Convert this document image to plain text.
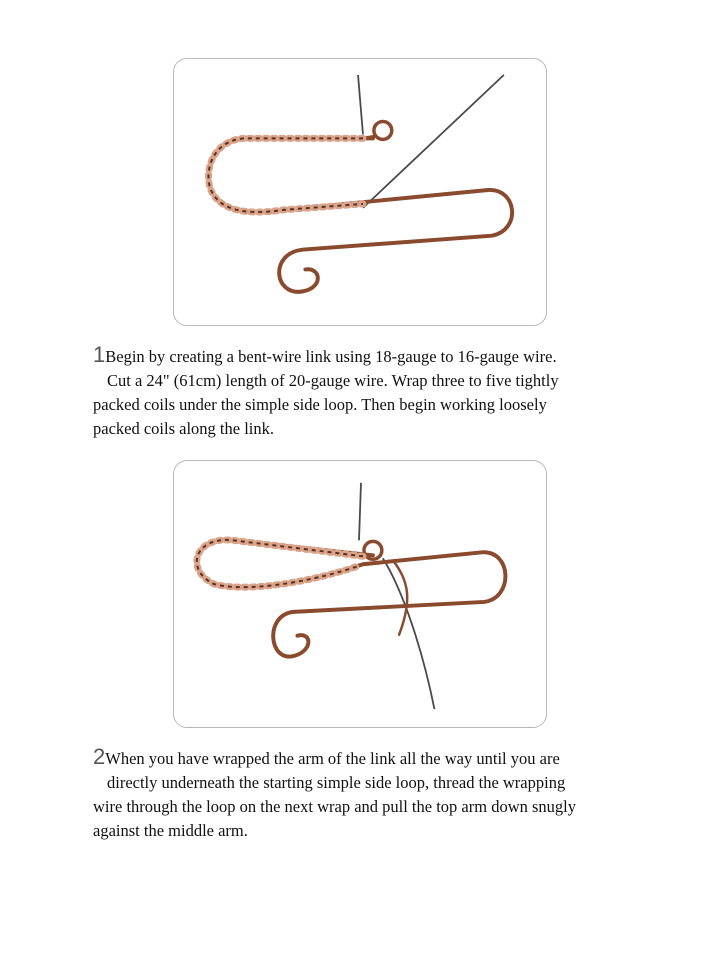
1

Begin by creating a bent-wire link using 18-gauge to 16-gauge wire.

Cut a 24" (61cm) length of 20-gauge wire. Wrap three to five tightly

packed coils under the simple side loop. Then begin working loosely

packed coils along the link.

2

When you have wrapped the arm of the link all the way until you are

directly underneath the starting simple side loop, thread the wrapping

wire through the loop on the next wrap and pull the top arm down snugly

against the middle arm.
